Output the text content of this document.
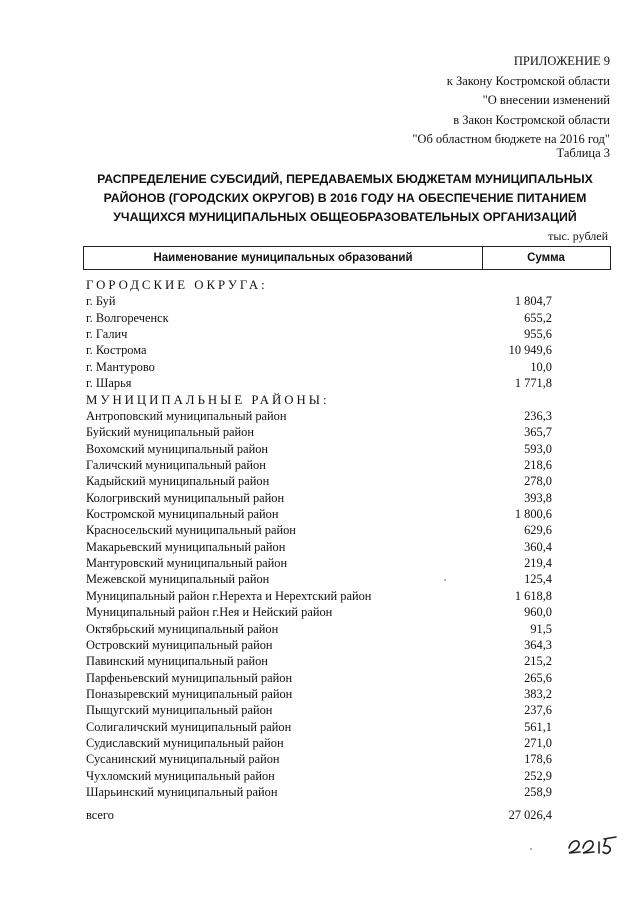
ПРИЛОЖЕНИЕ 9
к Закону Костромской области
"О внесении изменений
в Закон Костромской области
"Об областном бюджете на 2016 год"
Таблица 3
РАСПРЕДЕЛЕНИЕ СУБСИДИЙ, ПЕРЕДАВАЕМЫХ БЮДЖЕТАМ МУНИЦИПАЛЬНЫХ
РАЙОНОВ (ГОРОДСКИХ ОКРУГОВ) В 2016 ГОДУ НА ОБЕСПЕЧЕНИЕ ПИТАНИЕМ
УЧАЩИХСЯ МУНИЦИПАЛЬНЫХ ОБЩЕОБРАЗОВАТЕЛЬНЫХ ОРГАНИЗАЦИЙ
тыс. рублей
Наименование муниципальных образований	Сумма
ГОРОДСКИЕ ОКРУГА:
г. Буй	1 804,7
г. Волгореченск	655,2
г. Галич	955,6
г. Кострома	10 949,6
г. Мантурово	10,0
г. Шарья	1 771,8
МУНИЦИПАЛЬНЫЕ РАЙОНЫ:
Антроповский муниципальный район	236,3
Буйский муниципальный район	365,7
Вохомский муниципальный район	593,0
Галичский муниципальный район	218,6
Кадыйский муниципальный район	278,0
Кологривский муниципальный район	393,8
Костромской муниципальный район	1 800,6
Красносельский муниципальный район	629,6
Макарьевский муниципальный район	360,4
Мантуровский муниципальный район	219,4
Межевской муниципальный район	125,4
Муниципальный район г.Нерехта и Нерехтский район	1 618,8
Муниципальный район г.Нея и Нейский район	960,0
Октябрьский муниципальный район	91,5
Островский муниципальный район	364,3
Павинский муниципальный район	215,2
Парфеньевский муниципальный район	265,6
Поназыревский муниципальный район	383,2
Пыщугский муниципальный район	237,6
Солигаличский муниципальный район	561,1
Судиславский муниципальный район	271,0
Сусанинский муниципальный район	178,6
Чухломский муниципальный район	252,9
Шарьинский муниципальный район	258,9
всего	27 026,4
